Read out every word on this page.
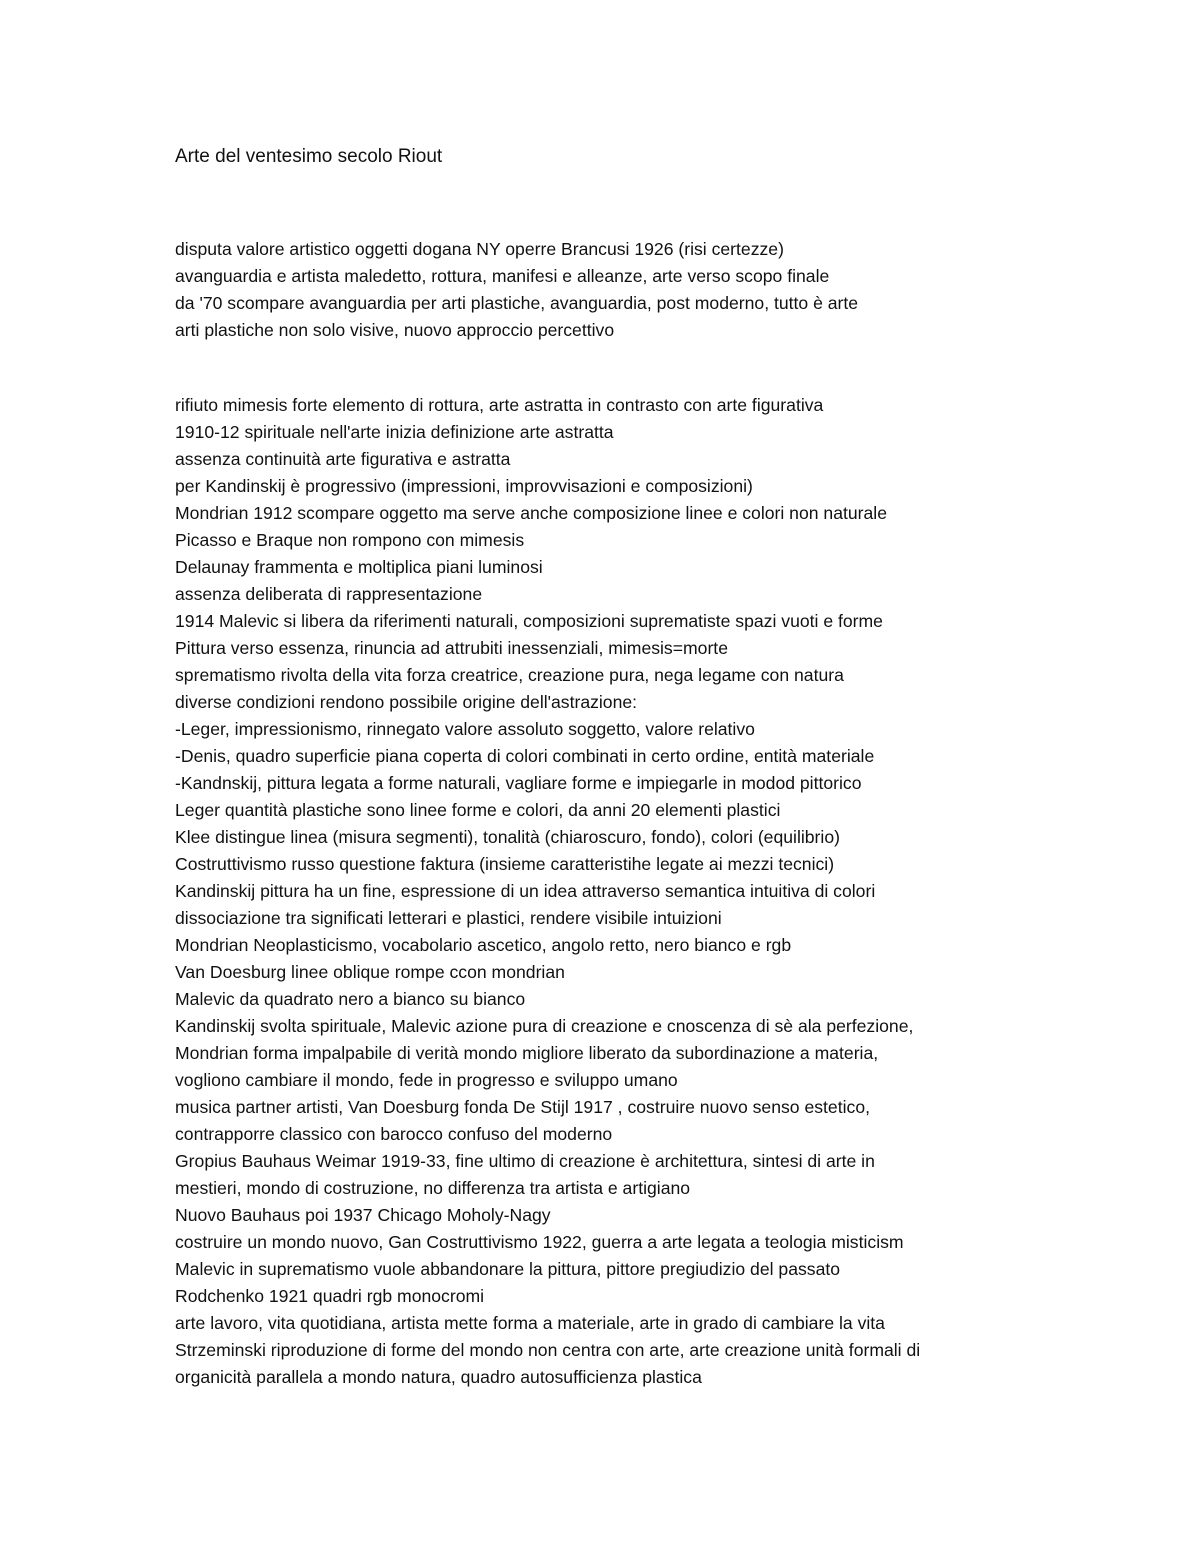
Arte del ventesimo secolo Riout
disputa valore artistico oggetti dogana NY operre Brancusi 1926 (risi certezze)
avanguardia e artista maledetto, rottura, manifesi e alleanze, arte verso scopo finale
da '70 scompare avanguardia per arti plastiche, avanguardia, post moderno, tutto è arte
arti plastiche non solo visive, nuovo approccio percettivo
rifiuto mimesis forte elemento di rottura, arte astratta in contrasto con arte figurativa
1910-12 spirituale nell'arte inizia definizione arte astratta
assenza continuità arte figurativa e astratta
per Kandinskij è progressivo (impressioni, improvvisazioni e composizioni)
Mondrian 1912 scompare oggetto ma serve anche composizione linee e colori non naturale
Picasso e Braque non rompono con mimesis
Delaunay frammenta e moltiplica piani luminosi
assenza deliberata di rappresentazione
1914 Malevic si libera da riferimenti naturali, composizioni suprematiste spazi vuoti e forme
Pittura verso essenza, rinuncia ad attrubiti inessenziali, mimesis=morte
sprematismo rivolta della vita forza creatrice, creazione pura, nega legame con natura
diverse condizioni rendono possibile origine dell'astrazione:
-Leger, impressionismo, rinnegato valore assoluto soggetto, valore relativo
-Denis, quadro superficie piana coperta di colori combinati in certo ordine, entità materiale
-Kandnskij, pittura legata a forme naturali, vagliare forme e impiegarle in modod pittorico
Leger quantità plastiche sono linee forme e colori, da anni 20 elementi plastici
Klee distingue linea (misura segmenti), tonalità (chiaroscuro, fondo), colori (equilibrio)
Costruttivismo russo questione faktura (insieme caratteristihe legate ai mezzi tecnici)
Kandinskij pittura ha un fine, espressione di un idea attraverso semantica intuitiva di colori
dissociazione tra significati letterari e plastici, rendere visibile intuizioni
Mondrian Neoplasticismo, vocabolario ascetico, angolo retto, nero bianco e rgb
Van Doesburg linee oblique rompe ccon mondrian
Malevic da quadrato nero a bianco su bianco
Kandinskij svolta spirituale, Malevic azione pura di creazione e cnoscenza di sè ala perfezione,
Mondrian forma impalpabile di verità mondo migliore liberato da subordinazione a materia,
vogliono cambiare il mondo, fede in progresso e sviluppo umano
musica partner artisti, Van Doesburg fonda De Stijl 1917 , costruire nuovo senso estetico,
contrapporre classico con barocco confuso del moderno
Gropius Bauhaus Weimar 1919-33, fine ultimo di creazione è architettura, sintesi di arte in
mestieri, mondo di costruzione, no differenza tra artista e artigiano
Nuovo Bauhaus poi 1937 Chicago Moholy-Nagy
costruire un mondo nuovo, Gan Costruttivismo 1922, guerra a arte legata a teologia misticism
Malevic in suprematismo vuole abbandonare la pittura, pittore pregiudizio del passato
Rodchenko 1921 quadri rgb monocromi
arte lavoro, vita quotidiana, artista mette forma a materiale, arte in grado di cambiare la vita
Strzeminski riproduzione di forme del mondo non centra con arte, arte creazione unità formali di
organicità parallela a mondo natura, quadro autosufficienza plastica
